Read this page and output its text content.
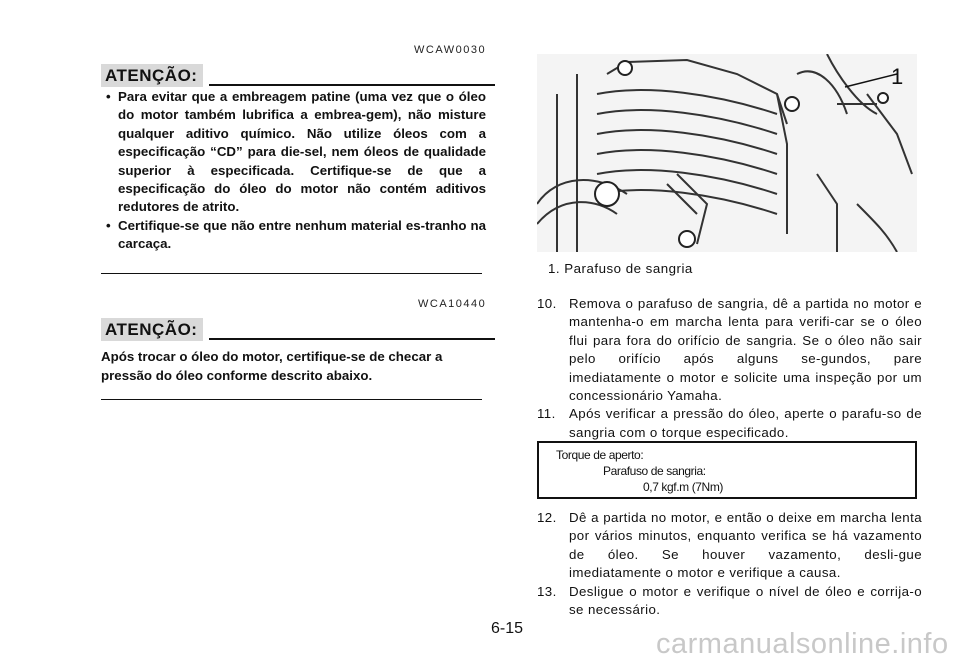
WCAW0030
ATENÇÃO:
• Para evitar que a embreagem patine (uma vez que o óleo do motor também lubrifica a embrea-gem), não misture qualquer aditivo químico. Não utilize óleos com a especificação “CD” para die-sel, nem óleos de qualidade superior à especificada. Certifique-se de que a especificação do óleo do motor não contém aditivos redutores de atrito.
• Certifique-se que não entre nenhum material es-tranho na carcaça.
WCA10440
ATENÇÃO:
Após trocar o óleo do motor, certifique-se de checar a pressão do óleo conforme descrito abaixo.
1
1. Parafuso de sangria
10. Remova o parafuso de sangria, dê a partida no motor e mantenha-o em marcha lenta para verifi-car se o óleo flui para fora do orifício de sangria. Se o óleo não sair pelo orifício após alguns se-gundos, pare imediatamente o motor e solicite uma inspeção por um concessionário Yamaha.
11. Após verificar a pressão do óleo, aperte o parafu-so de sangria com o torque especificado.
Torque de aperto:
Parafuso de sangria:
0,7 kgf.m (7Nm)
12. Dê a partida no motor, e então o deixe em marcha lenta por vários minutos, enquanto verifica se há vazamento de óleo. Se houver vazamento, desli-gue imediatamente o motor e verifique a causa.
13. Desligue o motor e verifique o nível de óleo e corrija-o se necessário.
6-15	carmanualsonline.info
